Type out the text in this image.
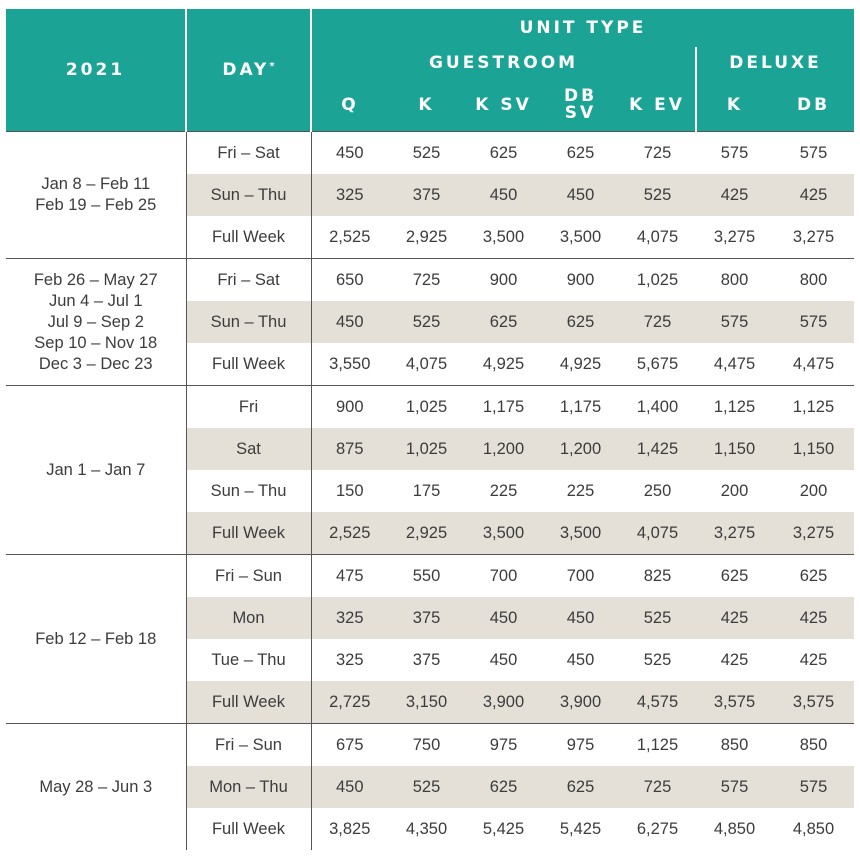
2021	DAY*	UNIT TYPE						
		GUESTROOM					DELUXE	
		Q	K	K SV	DB SV	K EV	K	DB
Jan 8 – Feb 11
Feb 19 – Feb 25	Fri – Sat	450	525	625	625	725	575	575
	Sun – Thu	325	375	450	450	525	425	425
	Full Week	2,525	2,925	3,500	3,500	4,075	3,275	3,275
Feb 26 – May 27
Jun 4 – Jul 1
Jul 9 – Sep 2
Sep 10 – Nov 18
Dec 3 – Dec 23	Fri – Sat	650	725	900	900	1,025	800	800
	Sun – Thu	450	525	625	625	725	575	575
	Full Week	3,550	4,075	4,925	4,925	5,675	4,475	4,475
Jan 1 – Jan 7	Fri	900	1,025	1,175	1,175	1,400	1,125	1,125
	Sat	875	1,025	1,200	1,200	1,425	1,150	1,150
	Sun – Thu	150	175	225	225	250	200	200
	Full Week	2,525	2,925	3,500	3,500	4,075	3,275	3,275
Feb 12 – Feb 18	Fri – Sun	475	550	700	700	825	625	625
	Mon	325	375	450	450	525	425	425
	Tue – Thu	325	375	450	450	525	425	425
	Full Week	2,725	3,150	3,900	3,900	4,575	3,575	3,575
May 28 – Jun 3	Fri – Sun	675	750	975	975	1,125	850	850
	Mon – Thu	450	525	625	625	725	575	575
	Full Week	3,825	4,350	5,425	5,425	6,275	4,850	4,850
